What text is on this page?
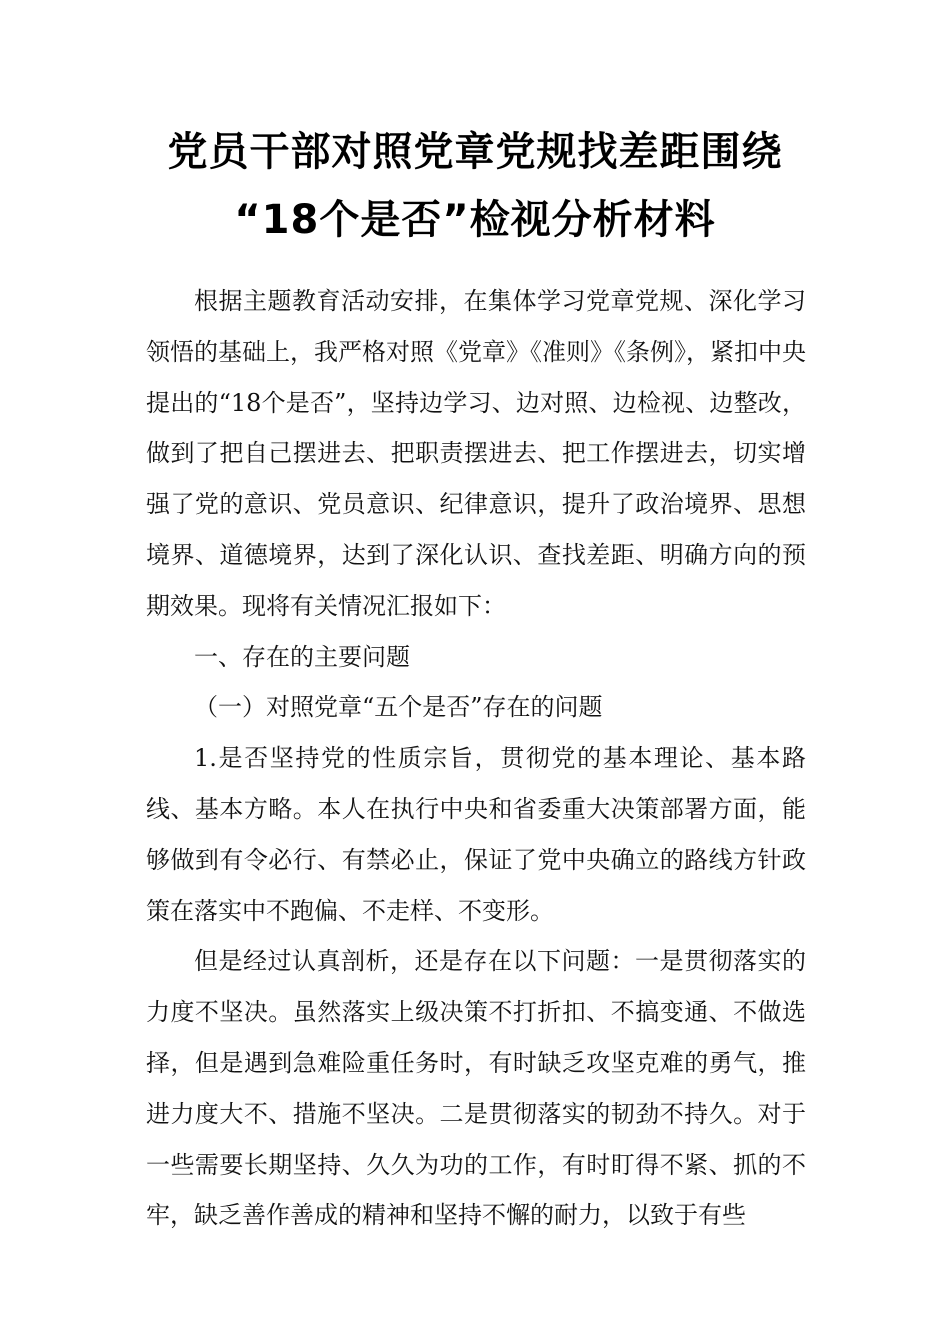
党员干部对照党章党规找差距围绕
“18个是否”检视分析材料

根据主题教育活动安排，在集体学习党章党规、深化学习领悟的基础上，我严格对照《党章》《准则》《条例》，紧扣中央提出的“18个是否”，坚持边学习、边对照、边检视、边整改，做到了把自己摆进去、把职责摆进去、把工作摆进去，切实增强了党的意识、党员意识、纪律意识，提升了政治境界、思想境界、道德境界，达到了深化认识、查找差距、明确方向的预期效果。现将有关情况汇报如下：

一、存在的主要问题

（一）对照党章“五个是否”存在的问题

1.是否坚持党的性质宗旨，贯彻党的基本理论、基本路线、基本方略。本人在执行中央和省委重大决策部署方面，能够做到有令必行、有禁必止，保证了党中央确立的路线方针政策在落实中不跑偏、不走样、不变形。

但是经过认真剖析，还是存在以下问题：一是贯彻落实的力度不坚决。虽然落实上级决策不打折扣、不搞变通、不做选择，但是遇到急难险重任务时，有时缺乏攻坚克难的勇气，推进力度大不、措施不坚决。二是贯彻落实的韧劲不持久。对于一些需要长期坚持、久久为功的工作，有时盯得不紧、抓的不牢，缺乏善作善成的精神和坚持不懈的耐力，以致于有些
